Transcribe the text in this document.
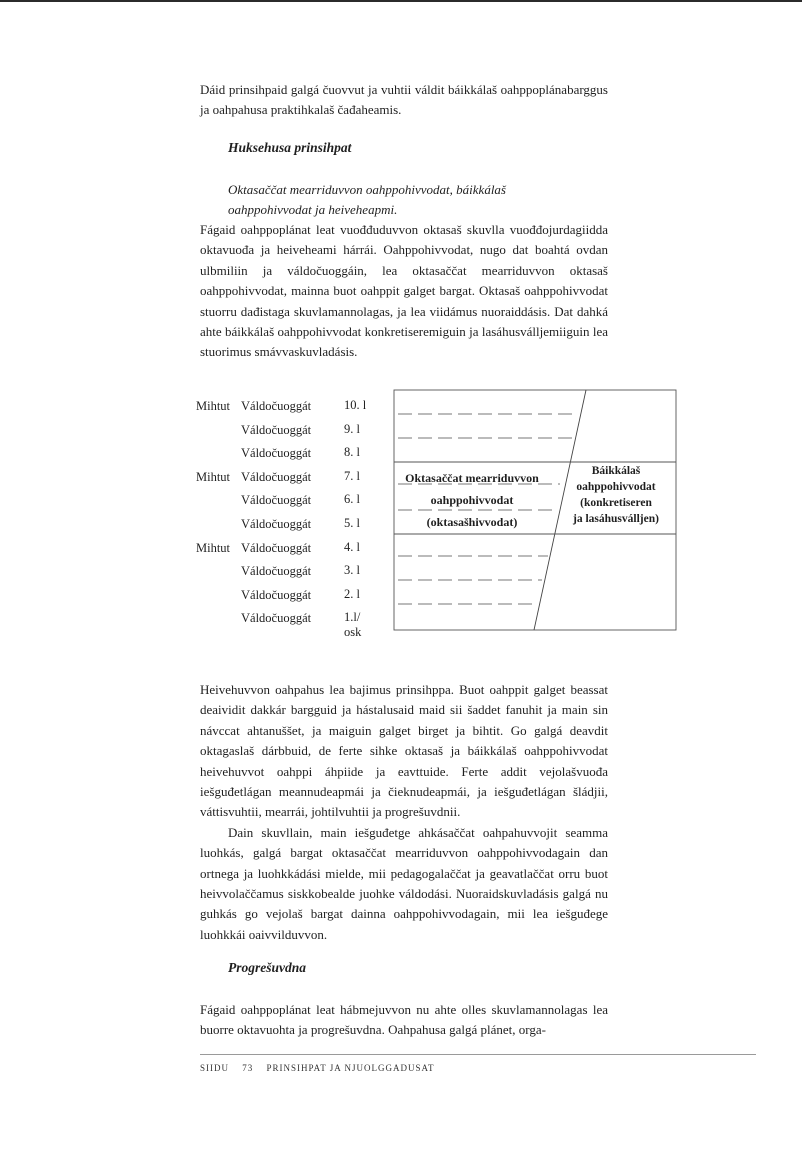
Dáid prinsihpaid galgá čuovvut ja vuhtii váldit báikkálaš oahppoplánabarggus ja oahpahusa praktihkalaš čađaheamis.

Huksehusa prinsihpat
Oktasaččat mearriduvvon oahppohivvodat, báikkálaš oahppohivvodat ja heiveheapmi.

Fágaid oahppoplánat leat vuođđuduvvon oktasaš skuvlla vuođđojurdagiidda oktavuođa ja heiveheami hárrái. Oahppohivvodat, nugo dat boahtá ovdan ulbmiliin ja váldočuoggáin, lea oktasaččat mearriduvvon oktasaš oahppohivvodat, mainna buot oahppit galget bargat. Oktasaš oahppohivvodat stuorru dađistaga skuvlamannolagas, ja lea viidámus nuoraiddásis. Dat dahká ahte báikkálaš oahppohivvodat konkretiseremiguin ja lasáhusválljemiiguin lea stuorimus smávvaskuvladásis.

Mihtut Váldočuoggát	10. l
Váldočuoggát	9. l
Váldočuoggát	8. l
Mihtut Váldočuoggát	7. l
Váldočuoggát	6. l
Váldočuoggát	5. l
Mihtut Váldočuoggát	4. l
Váldočuoggát	3. l
Váldočuoggát	2. l
Váldočuoggát	1.l/
osk
Oktasaččat mearriduvvon
oahppohivvodat
(oktasašhivvodat)
Báikkálaš
oahppohivvodat
(konkretiseren
ja lasáhusválljen)

Heivehuvvon oahpahus lea bajimus prinsihppa. Buot oahppit galget beassat deaividit dakkár bargguid ja hástalusaid maid sii šaddet fanuhit ja main sin návccat ahtanuššet, ja maiguin galget birget ja bihtit. Go galgá deavdit oktagaslaš dárbbuid, de ferte sihke oktasaš ja báikkálaš oahppohivvodat heivehuvvot oahppi áhpiide ja eavttuide. Ferte addit vejolašvuođa iešguđetlágan meannudeapmái ja čieknudeapmái, ja iešguđetlágan šládjii, váttisvuhtii, mearrái, johtilvuhtii ja progrešuvdnii.

Dain skuvllain, main iešguđetge ahkásaččat oahpahuvvojit seamma luohkás, galgá bargat oktasaččat mearriduvvon oahppohivvodagain dan ortnega ja luohkkádási mielde, mii pedagogalaččat ja geavatlaččat orru buot heivvolaččamus siskkobealde juohke váldodási. Nuoraidskuvladásis galgá nu guhkás go vejolaš bargat dainna oahppohivvodagain, mii lea iešguđege luohkkái oaivvilduvvon.

Progrešuvdna

Fágaid oahppoplánat leat hábmejuvvon nu ahte olles skuvlamannolagas lea buorre oktavuohta ja progrešuvdna. Oahpahusa galgá plánet, orga-

SIIDU 73 PRINSIHPAT JA NJUOLGGADUSAT
